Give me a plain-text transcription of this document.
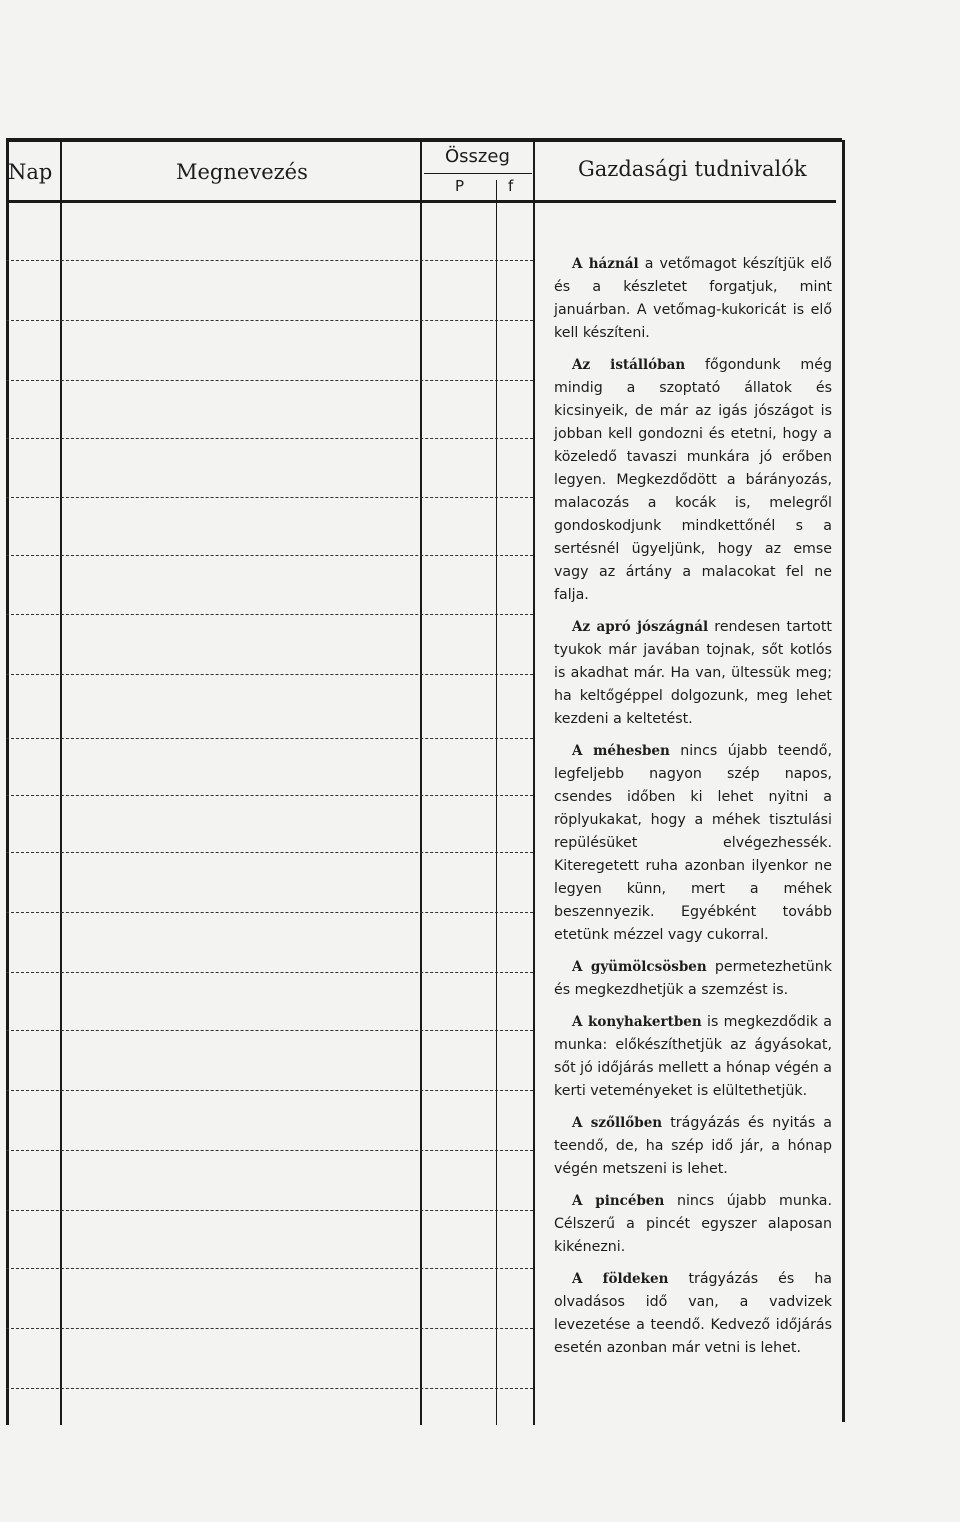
Nap	Megnevezés
Összeg
P	f
Gazdasági tudnivalók

A háznál a vetőmagot készítjük elő és a készletet forgatjuk, mint januárban. A vetőmag-kukoricát is elő kell készíteni.

Az istállóban főgondunk még mindig a szoptató állatok és kicsinyeik, de már az igás jószágot is jobban kell gondozni és etetni, hogy a közeledő tavaszi munkára jó erőben legyen. Megkezdődött a bárányozás, malacozás a kocák is, melegről gondoskodjunk mindkettőnél s a sertésnél ügyeljünk, hogy az emse vagy az ártány a malacokat fel ne falja.

Az apró jószágnál rendesen tartott tyukok már javában tojnak, sőt kotlós is akadhat már. Ha van, ültessük meg; ha keltőgéppel dolgozunk, meg lehet kezdeni a keltetést.

A méhesben nincs újabb teendő, legfeljebb nagyon szép napos, csendes időben ki lehet nyitni a röplyukakat, hogy a méhek tisztulási repülésüket elvégezhessék. Kiteregetett ruha azonban ilyenkor ne legyen künn, mert a méhek beszennyezik. Egyébként tovább etetünk mézzel vagy cukorral.

A gyümölcsösben permetezhetünk és megkezdhetjük a szemzést is.

A konyhakertben is megkezdődik a munka: előkészíthetjük az ágyásokat, sőt jó időjárás mellett a hónap végén a kerti veteményeket is elültethetjük.

A szőllőben trágyázás és nyitás a teendő, de, ha szép idő jár, a hónap végén metszeni is lehet.

A pincében nincs újabb munka. Célszerű a pincét egyszer alaposan kikénezni.

A földeken trágyázás és ha olvadásos idő van, a vadvizek levezetése a teendő. Kedvező időjárás esetén azonban már vetni is lehet.
